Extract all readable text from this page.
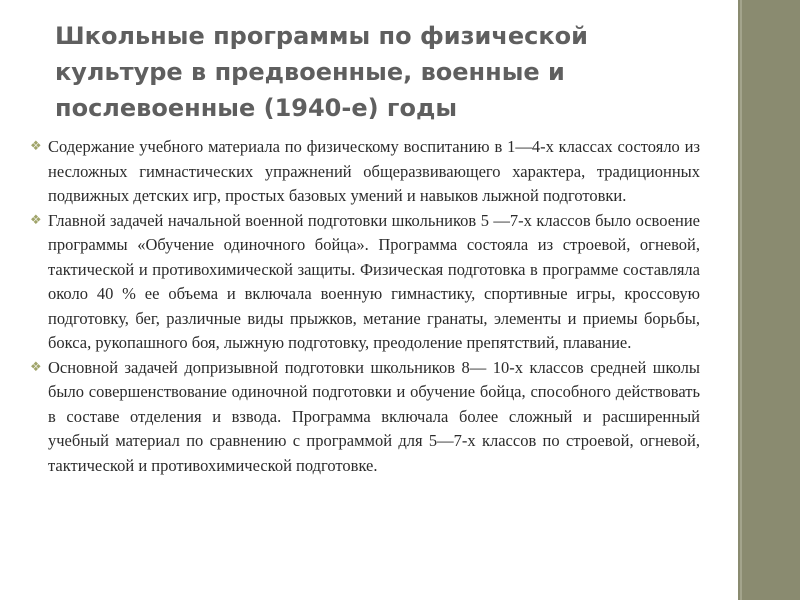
Школьные программы по физической культуре в предвоенные, военные и послевоенные (1940-е) годы

❖ Содержание учебного материала по физическому воспитанию в 1—4-х классах состояло из несложных гимнастических упражнений общеразвивающего характера, традиционных подвижных детских игр, простых базовых умений и навыков лыжной подготовки.

❖ Главной задачей начальной военной подготовки школьников 5 —7-х классов было освоение программы «Обучение одиночного бойца». Программа состояла из строевой, огневой, тактической и противохимической защиты. Физическая подготовка в программе составляла около 40 % ее объема и включала военную гимнастику, спортивные игры, кроссовую подготовку, бег, различные виды прыжков, метание гранаты, элементы и приемы борьбы, бокса, рукопашного боя, лыжную подготовку, преодоление препятствий, плавание.

❖ Основной задачей допризывной подготовки школьников 8— 10-х классов средней школы было совершенствование одиночной подготовки и обучение бойца, способного действовать в составе отделения и взвода. Программа включала более сложный и расширенный учебный материал по сравнению с программой для 5—7-х классов по строевой, огневой, тактической и противохимической подготовке.
